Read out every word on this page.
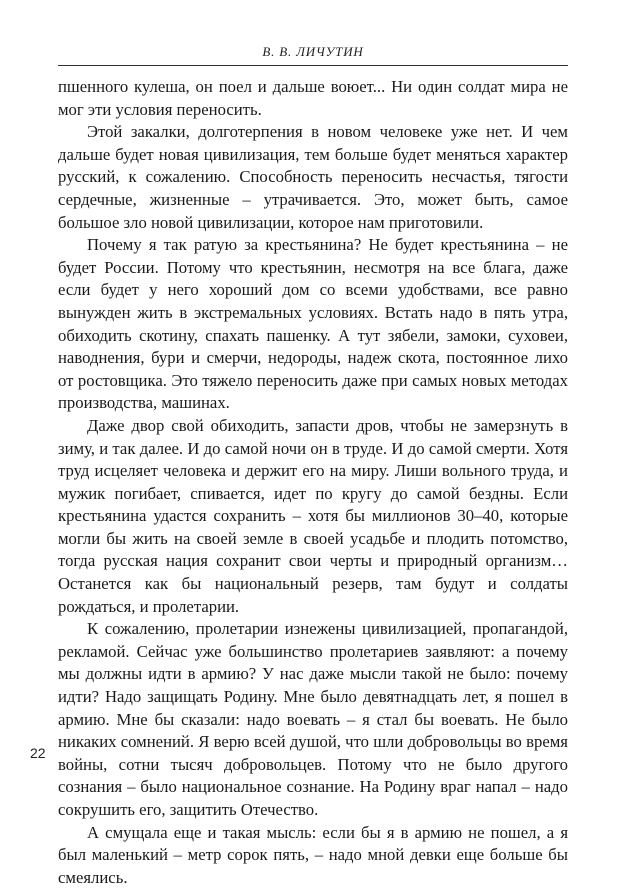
В. В. ЛИЧУТИН

пшенного кулеша, он поел и дальше воюет... Ни один солдат мира не мог эти условия переносить.

Этой закалки, долготерпения в новом человеке уже нет. И чем дальше будет новая цивилизация, тем больше будет меняться характер русский, к сожалению. Способность переносить несчастья, тягости сердечные, жизненные – утрачивается. Это, может быть, самое большое зло новой цивилизации, которое нам приготовили.

Почему я так ратую за крестьянина? Не будет крестьянина – не будет России. Потому что крестьянин, несмотря на все блага, даже если будет у него хороший дом со всеми удобствами, все равно вынужден жить в экстремальных условиях. Встать надо в пять утра, обиходить скотину, спахать пашенку. А тут зябели, замоки, суховеи, наводнения, бури и смерчи, недороды, надеж скота, постоянное лихо от ростовщика. Это тяжело переносить даже при самых новых методах производства, машинах.

Даже двор свой обиходить, запасти дров, чтобы не замерзнуть в зиму, и так далее. И до самой ночи он в труде. И до самой смерти. Хотя труд исцеляет человека и держит его на миру. Лиши вольного труда, и мужик погибает, спивается, идет по кругу до самой бездны. Если крестьянина удастся сохранить – хотя бы миллионов 30–40, которые могли бы жить на своей земле в своей усадьбе и плодить потомство, тогда русская нация сохранит свои черты и природный организм… Останется как бы национальный резерв, там будут и солдаты рождаться, и пролетарии.

К сожалению, пролетарии изнежены цивилизацией, пропагандой, рекламой. Сейчас уже большинство пролетариев заявляют: а почему мы должны идти в армию? У нас даже мысли такой не было: почему идти? Надо защищать Родину. Мне было девятнадцать лет, я пошел в армию. Мне бы сказали: надо воевать – я стал бы воевать. Не было никаких сомнений. Я верю всей душой, что шли добровольцы во время войны, сотни тысяч добровольцев. Потому что не было другого сознания – было национальное сознание. На Родину враг напал – надо сокрушить его, защитить Отечество.

А смущала еще и такая мысль: если бы я в армию не пошел, а я был маленький – метр сорок пять, – надо мной девки еще больше бы смеялись.

22
